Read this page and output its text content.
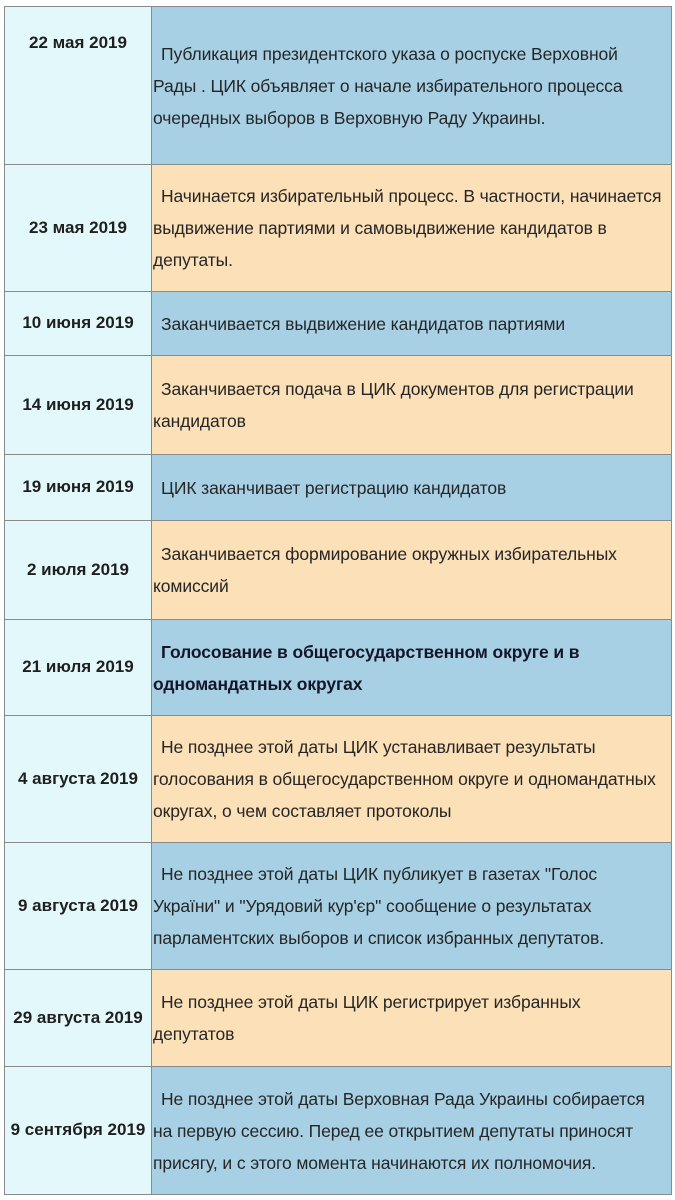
22 мая 2019	Публикация президентского указа о роспуске Верховной Рады . ЦИК объявляет о начале избирательного процесса очередных выборов в Верховную Раду Украины.

23 мая 2019	Начинается избирательный процесс. В частности, начинается выдвижение партиями и самовыдвижение кандидатов в депутаты.

10 июня 2019	Заканчивается выдвижение кандидатов партиями

14 июня 2019	Заканчивается подача в ЦИК документов для регистрации кандидатов

19 июня 2019	ЦИК заканчивает регистрацию кандидатов

2 июля 2019	Заканчивается формирование окружных избирательных комиссий

21 июля 2019	Голосование в общегосударственном округе и в одномандатных округах

4 августа 2019	Не позднее этой даты ЦИК устанавливает результаты голосования в общегосударственном округе и одномандатных округах, о чем составляет протоколы

9 августа 2019	Не позднее этой даты ЦИК публикует в газетах "Голос України" и "Урядовий кур'єр" сообщение о результатах парламентских выборов и список избранных депутатов.

29 августа 2019	Не позднее этой даты ЦИК регистрирует избранных депутатов

9 сентября 2019	Не позднее этой даты Верховная Рада Украины собирается на первую сессию. Перед ее открытием депутаты приносят присягу, и с этого момента начинаются их полномочия.
